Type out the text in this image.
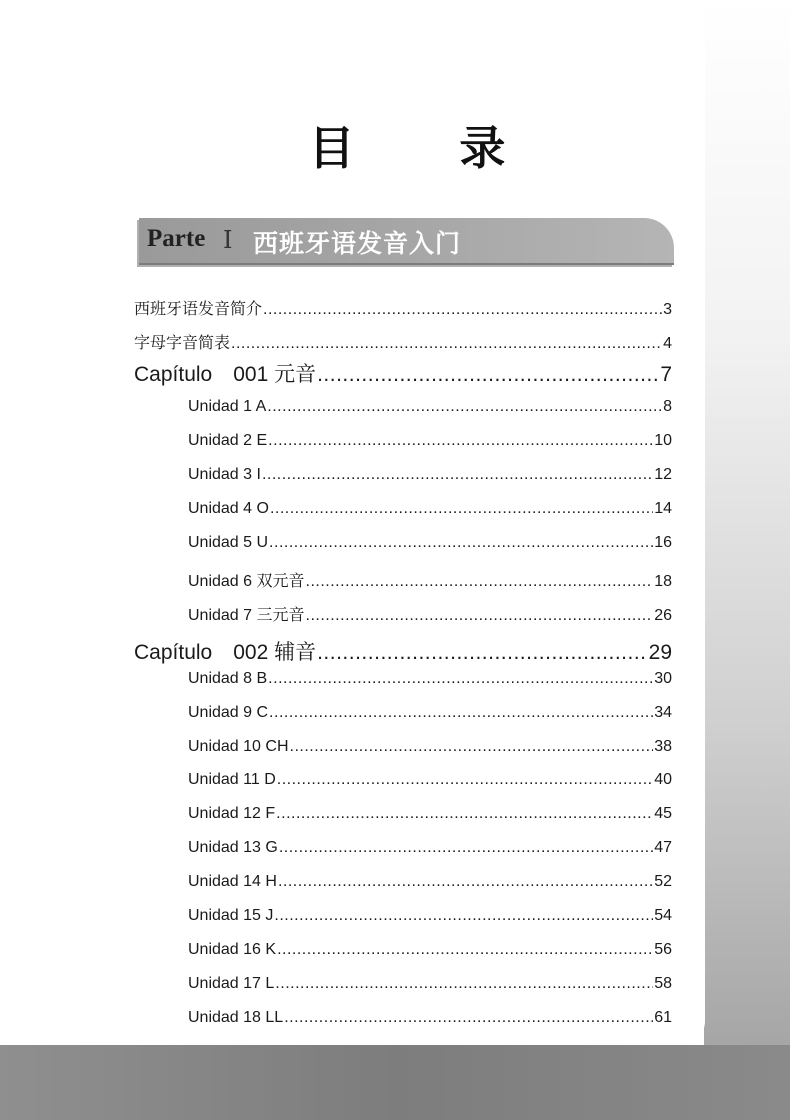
目 录
Parte Ⅰ 西班牙语发音入门
西班牙语发音简介 .....	3
字母字音简表 .....	4
Capítulo　001 元音 .....	7
Unidad 1 A .....	8
Unidad 2 E .....	10
Unidad 3 I .....	12
Unidad 4 O .....	14
Unidad 5 U .....	16
Unidad 6 双元音 .....	18
Unidad 7 三元音 .....	26
Capítulo　002 辅音 .....	29
Unidad 8 B .....	30
Unidad 9 C .....	34
Unidad 10 CH .....	38
Unidad 11 D .....	40
Unidad 12 F .....	45
Unidad 13 G .....	47
Unidad 14 H .....	52
Unidad 15 J .....	54
Unidad 16 K .....	56
Unidad 17 L .....	58
Unidad 18 LL .....	61
